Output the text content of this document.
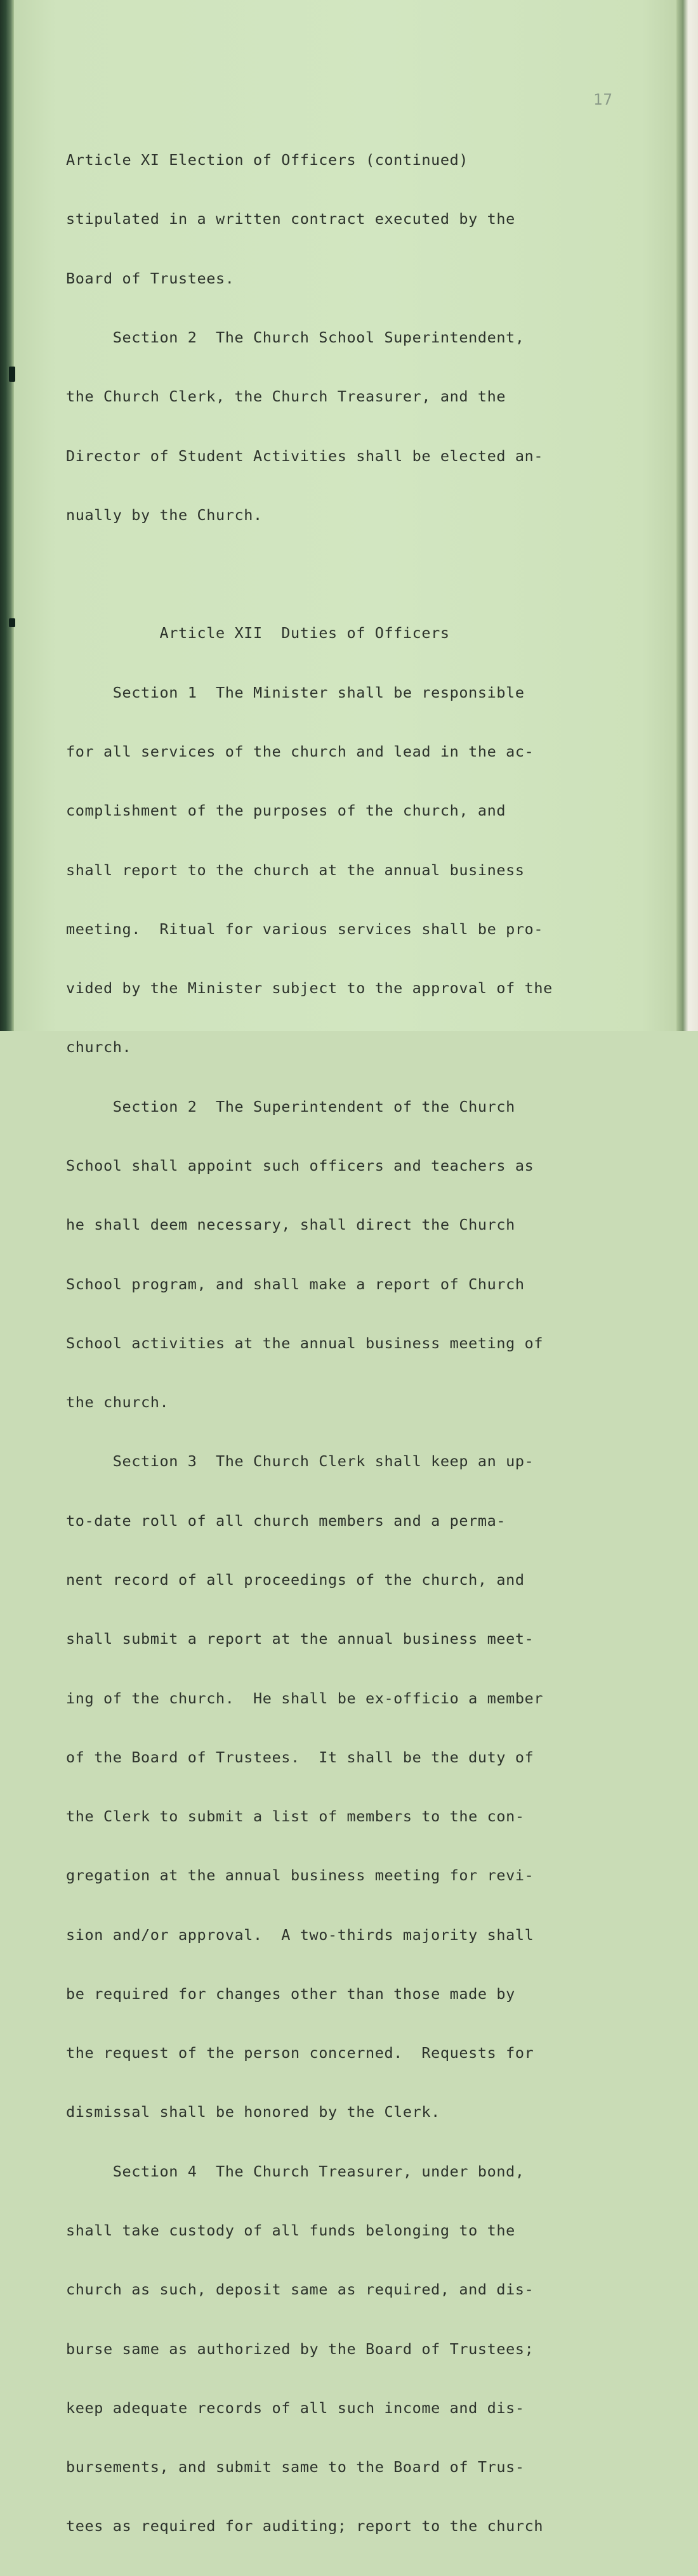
17

Article XI Election of Officers (continued)

stipulated in a written contract executed by the

Board of Trustees.

Section 2  The Church School Superintendent,

the Church Clerk, the Church Treasurer, and the

Director of Student Activities shall be elected an-

nually by the Church.

Article XII  Duties of Officers

Section 1  The Minister shall be responsible

for all services of the church and lead in the ac-

complishment of the purposes of the church, and

shall report to the church at the annual business

meeting.  Ritual for various services shall be pro-

vided by the Minister subject to the approval of the

church.

Section 2  The Superintendent of the Church

School shall appoint such officers and teachers as

he shall deem necessary, shall direct the Church

School program, and shall make a report of Church

School activities at the annual business meeting of

the church.

Section 3  The Church Clerk shall keep an up-

to-date roll of all church members and a perma-

nent record of all proceedings of the church, and

shall submit a report at the annual business meet-

ing of the church.  He shall be ex-officio a member

of the Board of Trustees.  It shall be the duty of

the Clerk to submit a list of members to the con-

gregation at the annual business meeting for revi-

sion and/or approval.  A two-thirds majority shall

be required for changes other than those made by

the request of the person concerned.  Requests for

dismissal shall be honored by the Clerk.

Section 4  The Church Treasurer, under bond,

shall take custody of all funds belonging to the

church as such, deposit same as required, and dis-

burse same as authorized by the Board of Trustees;

keep adequate records of all such income and dis-

bursements, and submit same to the Board of Trus-

tees as required for auditing; report to the church
